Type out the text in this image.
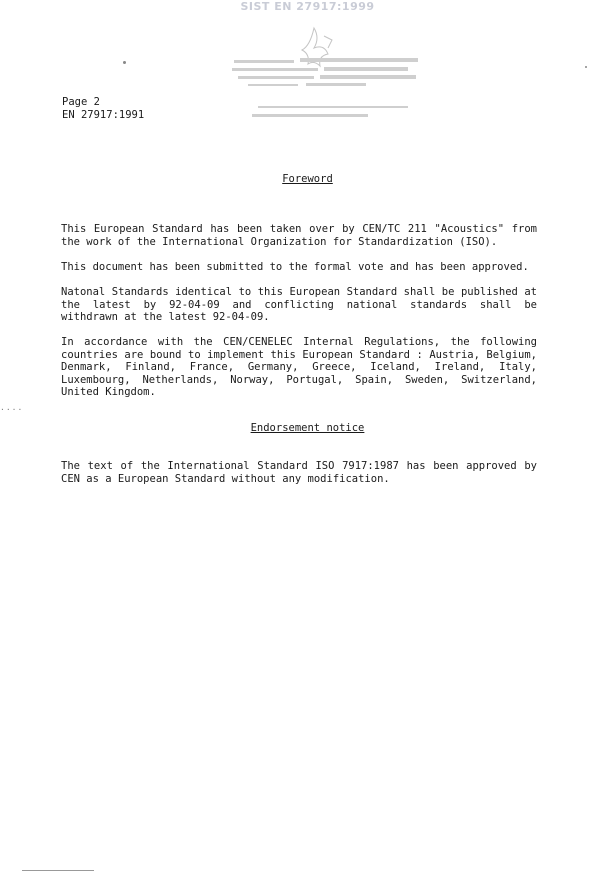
SIST EN 27917:1999
Page 2
EN 27917:1991
Foreword

This European Standard has been taken over by CEN/TC 211 "Acoustics" from the work of the International Organization for Standardization (ISO).

This document has been submitted to the formal vote and has been approved.

Natonal Standards identical to this European Standard shall be published at the latest by 92-04-09 and conflicting national standards shall be withdrawn at the latest 92-04-09.

In accordance with the CEN/CENELEC Internal Regulations, the following countries are bound to implement this European Standard : Austria, Belgium, Denmark, Finland, France, Germany, Greece, Iceland, Ireland, Italy, Luxembourg, Netherlands, Norway, Portugal, Spain, Sweden, Switzerland, United Kingdom.

Endorsement notice

The text of the International Standard ISO 7917:1987 has been approved by CEN as a European Standard without any modification.

....
